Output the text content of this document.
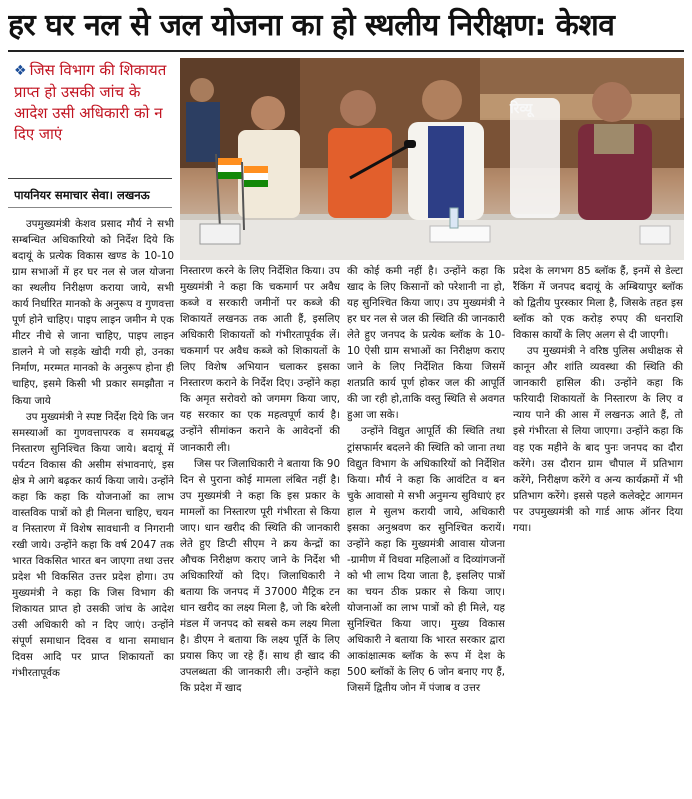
हर घर नल से जल योजना का हो स्थलीय निरीक्षण: केशव
❖ जिस विभाग की शिकायत प्राप्त हो उसकी जांच के आदेश उसी अधिकारी को न दिए जाएं
पायनियर समाचार सेवा। लखनऊ

उपमुख्यमंत्री केशव प्रसाद मौर्य ने सभी सम्बन्धित अधिकारियो को निर्देश दिये कि बदायूं के प्रत्येक विकास खण्ड के 10-10 ग्राम सभाओं में हर घर नल से जल योजना का स्थलीय निरीक्षण कराया जाये, सभी कार्य निर्धारित मानको के अनुरूप व गुणवत्ता पूर्ण होने चाहिए। पाइप लाइन जमीन मे एक मीटर नीचे से जाना चाहिए, पाइप लाइन डालने मे जो सड़के खोदी गयी हो, उनका निर्माण, मरम्मत मानको के अनुरूप होना ही चाहिए, इसमे किसी भी प्रकार समझौता न किया जाये

उप मुख्यमंत्री ने स्पष्ट निर्देश दिये कि जन समस्याओं का गुणवत्तापरक व समयबद्ध निस्तारण सुनिश्चित किया जाये। बदायूं में पर्यटन विकास की असीम संभावनाएं, इस क्षेत्र मे आगे बढ़कर कार्य किया जाये। उन्होंने कहा कि कहा कि योजनाओं का लाभ वास्तविक पात्रों को ही मिलना चाहिए, चयन व निस्तारण में विशेष सावधानी व निगरानी रखी जाये। उन्होंने कहा कि वर्ष 2047 तक भारत विकसित भारत बन जाएगा तथा उत्तर प्रदेश भी विकसित उत्तर प्रदेश होगा। उप मुख्यमंत्री ने कहा कि जिस विभाग की शिकायत प्राप्त हो उसकी जांच के आदेश उसी अधिकारी को न दिए जाएं। उन्होंने संपूर्ण समाधान दिवस व थाना समाधान दिवस आदि पर प्राप्त शिकायतों का गंभीरतापूर्वक

निस्तारण करने के लिए निर्देशित किया। उप मुख्यमंत्री ने कहा कि चकमार्ग पर अवैध कब्जे व सरकारी जमीनों पर कब्जे की शिकायतें लखनऊ तक आती हैं, इसलिए अधिकारी शिकायतों को गंभीरतापूर्वक लें। चकमार्ग पर अवैध कब्जे को शिकायतों के लिए विशेष अभियान चलाकर इसका निस्तारण कराने के निर्देश दिए। उन्होंने कहा कि अमृत सरोवरो को जगमग किया जाए, यह सरकार का एक महत्वपूर्ण कार्य है। उन्होंने सीमांकन कराने के आवेदनों की जानकारी ली।

जिस पर जिलाधिकारी ने बताया कि 90 दिन से पुराना कोई मामला लंबित नहीं है। उप मुख्यमंत्री ने कहा कि इस प्रकार के मामलों का निस्तारण पूरी गंभीरता से किया जाए। धान खरीद की स्थिति की जानकारी लेते हुए डिप्टी सीएम ने क्रय केन्द्रों का औचक निरीक्षण कराए जाने के निर्देश भी अधिकारियों को दिए। जिलाधिकारी ने बताया कि जनपद में 37000 मैट्रिक टन धान खरीद का लक्ष्य मिला है, जो कि बरेली मंडल में जनपद को सबसे कम लक्ष्य मिला है। डीएम ने बताया कि लक्ष्य पूर्ति के लिए प्रयास किए जा रहे हैं। साथ ही खाद की उपलब्धता की जानकारी ली। उन्होंने कहा कि प्रदेश में खाद

की कोई कमी नहीं है। उन्होंने कहा कि खाद के लिए किसानों को परेशानी ना हो, यह सुनिश्चित किया जाए। उप मुख्यमंत्री ने हर घर नल से जल की स्थिति की जानकारी लेते हुए जनपद के प्रत्येक ब्लॉक के 10-10 ऐसी ग्राम सभाओं का निरीक्षण कराए जाने के लिए निर्देशित किया जिसमें शतप्रति कार्य पूर्ण होकर जल की आपूर्ति की जा रही हो,ताकि वस्तु स्थिति से अवगत हुआ जा सके।

उन्होंने विद्युत आपूर्ति की स्थिति तथा ट्रांसफार्मर बदलने की स्थिति को जाना तथा विद्युत विभाग के अधिकारियों को निर्देशित किया। मौर्य ने कहा कि आवंटित व बन चुके आवासो मे सभी अनुमन्य सुविधाएं हर हाल मे सुलभ करायी जाये, अधिकारी इसका अनुश्रवण कर सुनिश्चित करायें। उन्होंने कहा कि मुख्यमंत्री आवास योजना -ग्रामीण में विधवा महिलाओं व दिव्यांगजनों को भी लाभ दिया जाता है, इसलिए पात्रों का चयन ठीक प्रकार से किया जाए। योजनाओं का लाभ पात्रों को ही मिले, यह सुनिश्चित किया जाए। मुख्य विकास अधिकारी ने बताया कि भारत सरकार द्वारा आकांक्षात्मक ब्लॉक के रूप में देश के 500 ब्लॉकों के लिए 6 जोन बनाए गए हैं, जिसमें द्वितीय जोन में पंजाब व उत्तर

प्रदेश के लगभग 85 ब्लॉक हैं, इनमें से डेल्टा रैंकिंग में जनपद बदायूं के अम्बियापुर ब्लॉक को द्वितीय पुरस्कार मिला है, जिसके तहत इस ब्लॉक को एक करोड़ रुपए की धनराशि विकास कार्यों के लिए अलग से दी जाएगी।

उप मुख्यमंत्री ने वरिष्ठ पुलिस अधीक्षक से कानून और शांति व्यवस्था की स्थिति की जानकारी हासिल की। उन्होंने कहा कि फरियादी शिकायतों के निस्तारण के लिए व न्याय पाने की आस में लखनऊ आते हैं, तो इसे गंभीरता से लिया जाएगा। उन्होंने कहा कि वह एक महीने के बाद पुनः जनपद का दौरा करेंगे। उस दौरान ग्राम चौपाल में प्रतिभाग करेंगे, निरीक्षण करेंगे व अन्य कार्यक्रमों में भी प्रतिभाग करेंगे। इससे पहले कलेक्ट्रेट आगमन पर उपमुख्यमंत्री को गार्ड आफ ऑनर दिया गया।
